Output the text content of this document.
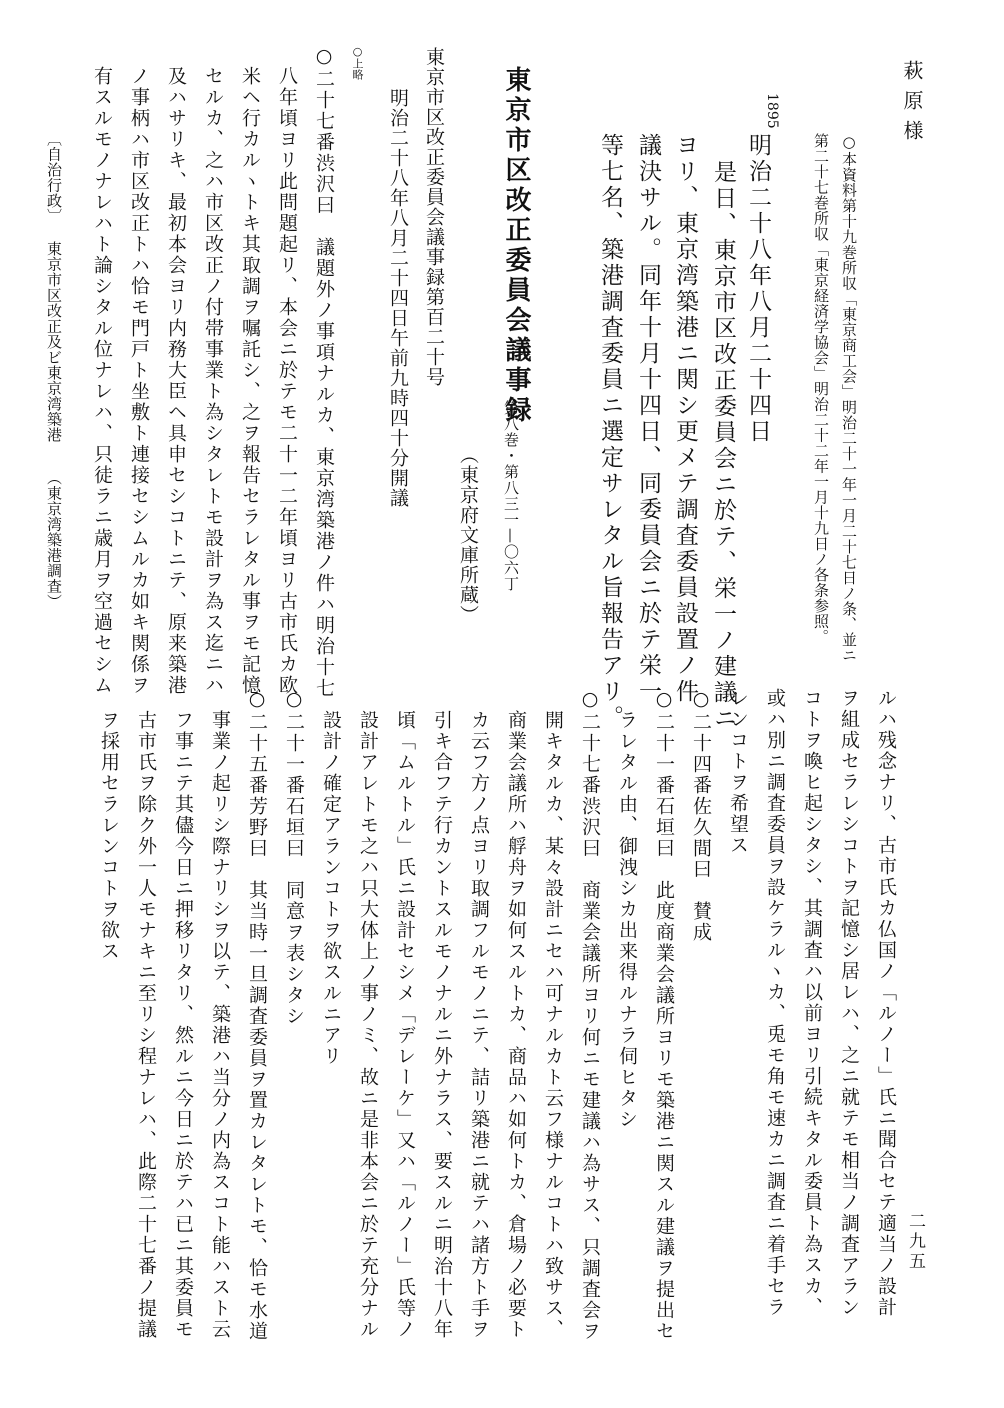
萩原様
○本資料第十九巻所収「東京商工会」明治二十一年一月二十七日ノ条、並ニ
第二十七巻所収「東京経済学協会」明治二十二年一月十九日ノ各条参照。
1895
明治二十八年八月二十四日
是日、東京市区改正委員会ニ於テ、栄一ノ建議ニ
ヨリ、東京湾築港ニ関シ更メテ調査委員設置ノ件
議決サル。同年十月十四日、同委員会ニ於テ栄一
等七名、築港調査委員ニ選定サレタル旨報告アリ。
東京市区改正委員会議事録
第八巻・第八三一—〇六丁
（東京府文庫所蔵）
東京市区改正委員会議事録第百二十号
明治二十八年八月二十四日午前九時四十分開議
○上略
○二十七番渋沢曰　議題外ノ事項ナルカ、東京湾築港ノ件ハ明治十七
八年頃ヨリ此問題起リ、本会ニ於テモ二十一二年頃ヨリ古市氏カ欧
米ヘ行カルヽトキ其取調ヲ嘱託シ、之ヲ報告セラレタル事ヲモ記憶
セルカ、之ハ市区改正ノ付帯事業ト為シタレトモ設計ヲ為ス迄ニハ
及ハサリキ、最初本会ヨリ内務大臣ヘ具申セシコトニテ、原来築港
ノ事柄ハ市区改正トハ恰モ門戸ト坐敷ト連接セシムルカ如キ関係ヲ
有スルモノナレハト論シタル位ナレハ、只徒ラニ歳月ヲ空過セシム
ルハ残念ナリ、古市氏カ仏国ノ「ルノー」氏ニ聞合セテ適当ノ設計
ヲ組成セラレシコトヲ記憶シ居レハ、之ニ就テモ相当ノ調査アラン
コトヲ喚ヒ起シタシ、其調査ハ以前ヨリ引続キタル委員ト為スカ、
或ハ別ニ調査委員ヲ設ケラルヽカ、兎モ角モ速カニ調査ニ着手セラ
レンコトヲ希望ス
○二十四番佐久間曰　賛成
○二十一番石垣曰　此度商業会議所ヨリモ築港ニ関スル建議ヲ提出セ
ラレタル由、御洩シカ出来得ルナラ伺ヒタシ
○二十七番渋沢曰　商業会議所ヨリ何ニモ建議ハ為サス、只調査会ヲ
開キタルカ、某々設計ニセハ可ナルカト云フ様ナルコトハ致サス、
商業会議所ハ艀舟ヲ如何スルトカ、商品ハ如何トカ、倉場ノ必要ト
カ云フ方ノ点ヨリ取調フルモノニテ、詰リ築港ニ就テハ諸方ト手ヲ
引キ合フテ行カントスルモノナルニ外ナラス、要スルニ明治十八年
頃「ムルトル」氏ニ設計セシメ「デレーケ」又ハ「ルノー」氏等ノ
設計アレトモ之ハ只大体上ノ事ノミ、故ニ是非本会ニ於テ充分ナル
設計ノ確定アランコトヲ欲スルニアリ
○二十一番石垣曰　同意ヲ表シタシ
○二十五番芳野曰　其当時一旦調査委員ヲ置カレタレトモ、恰モ水道
事業ノ起リシ際ナリシヲ以テ、築港ハ当分ノ内為スコト能ハスト云
フ事ニテ其儘今日ニ押移リタリ、然ルニ今日ニ於テハ已ニ其委員モ
古市氏ヲ除ク外一人モナキニ至リシ程ナレハ、此際二十七番ノ提議
ヲ採用セラレンコトヲ欲ス
〔自治行政〕
東京市区改正及ビ東京湾築港
（東京湾築港調査）
二九五
